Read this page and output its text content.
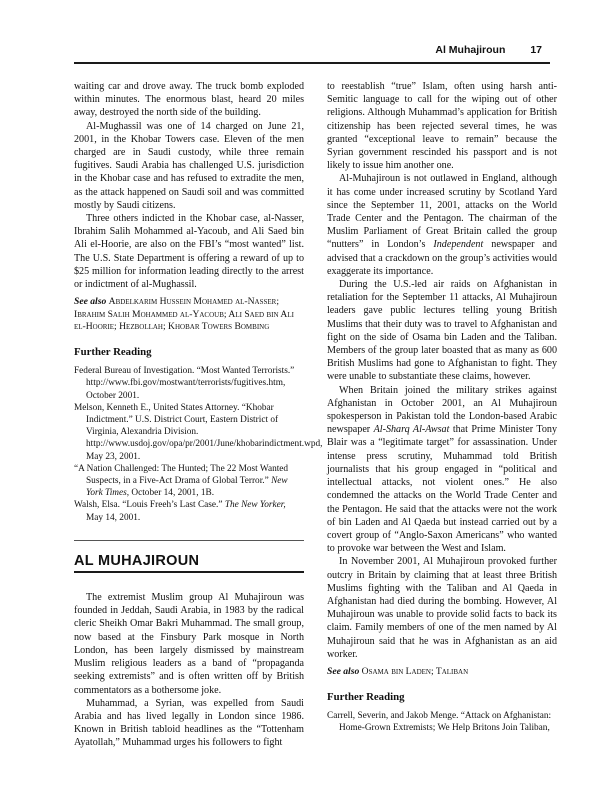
Al Muhajiroun 17

waiting car and drove away. The truck bomb exploded within minutes. The enormous blast, heard 20 miles away, destroyed the north side of the building.

Al-Mughassil was one of 14 charged on June 21, 2001, in the Khobar Towers case. Eleven of the men charged are in Saudi custody, while three remain fugitives. Saudi Arabia has challenged U.S. jurisdiction in the Khobar case and has refused to extradite the men, as the attack happened on Saudi soil and was committed mostly by Saudi citizens.

Three others indicted in the Khobar case, al-Nasser, Ibrahim Salih Mohammed al-Yacoub, and Ali Saed bin Ali el-Hoorie, are also on the FBI’s “most wanted” list. The U.S. State Department is offering a reward of up to $25 million for information leading directly to the arrest or indictment of al-Mughassil.

See also Abdelkarim Hussein Mohamed al-Nasser; Ibrahim Salih Mohammed al-Yacoub; Ali Saed bin Ali el-Hoorie; Hezbollah; Khobar Towers Bombing

Further Reading

Federal Bureau of Investigation. “Most Wanted Terrorists.” http://www.fbi.gov/mostwant/terrorists/fugitives.htm, October 2001.

Melson, Kenneth E., United States Attorney. “Khobar Indictment.” U.S. District Court, Eastern District of Virginia, Alexandria Division. http://www.usdoj.gov/opa/pr/2001/June/khobarindictment.wpd, May 23, 2001.

“A Nation Challenged: The Hunted; The 22 Most Wanted Suspects, in a Five-Act Drama of Global Terror.” New York Times, October 14, 2001, 1B.

Walsh, Elsa. “Louis Freeh’s Last Case.” The New Yorker, May 14, 2001.

AL MUHAJIROUN

The extremist Muslim group Al Muhajiroun was founded in Jeddah, Saudi Arabia, in 1983 by the radical cleric Sheikh Omar Bakri Muhammad. The small group, now based at the Finsbury Park mosque in North London, has been largely dismissed by mainstream Muslim religious leaders as a band of “propaganda seeking extremists” and is often written off by British commentators as a bothersome joke.

Muhammad, a Syrian, was expelled from Saudi Arabia and has lived legally in London since 1986. Known in British tabloid headlines as the “Tottenham Ayatollah,” Muhammad urges his followers to fight

to reestablish “true” Islam, often using harsh anti-Semitic language to call for the wiping out of other religions. Although Muhammad’s application for British citizenship has been rejected several times, he was granted “exceptional leave to remain” because the Syrian government rescinded his passport and is not likely to issue him another one.

Al-Muhajiroun is not outlawed in England, although it has come under increased scrutiny by Scotland Yard since the September 11, 2001, attacks on the World Trade Center and the Pentagon. The chairman of the Muslim Parliament of Great Britain called the group “nutters” in London’s Independent newspaper and advised that a crackdown on the group’s activities would exaggerate its importance.

During the U.S.-led air raids on Afghanistan in retaliation for the September 11 attacks, Al Muhajiroun leaders gave public lectures telling young British Muslims that their duty was to travel to Afghanistan and fight on the side of Osama bin Laden and the Taliban. Members of the group later boasted that as many as 600 British Muslims had gone to Afghanistan to fight. They were unable to substantiate these claims, however.

When Britain joined the military strikes against Afghanistan in October 2001, an Al Muhajiroun spokesperson in Pakistan told the London-based Arabic newspaper Al-Sharq Al-Awsat that Prime Minister Tony Blair was a “legitimate target” for assassination. Under intense press scrutiny, Muhammad told British journalists that his group engaged in “political and intellectual attacks, not violent ones.” He also condemned the attacks on the World Trade Center and the Pentagon. He said that the attacks were not the work of bin Laden and Al Qaeda but instead carried out by a covert group of “Anglo-Saxon Americans” who wanted to provoke war between the West and Islam.

In November 2001, Al Muhajiroun provoked further outcry in Britain by claiming that at least three British Muslims fighting with the Taliban and Al Qaeda in Afghanistan had died during the bombing. However, Al Muhajiroun was unable to provide solid facts to back its claim. Family members of one of the men named by Al Muhajiroun said that he was in Afghanistan as an aid worker.

See also Osama bin Laden; Taliban

Further Reading

Carrell, Severin, and Jakob Menge. “Attack on Afghanistan: Home-Grown Extremists; We Help Britons Join Taliban,
